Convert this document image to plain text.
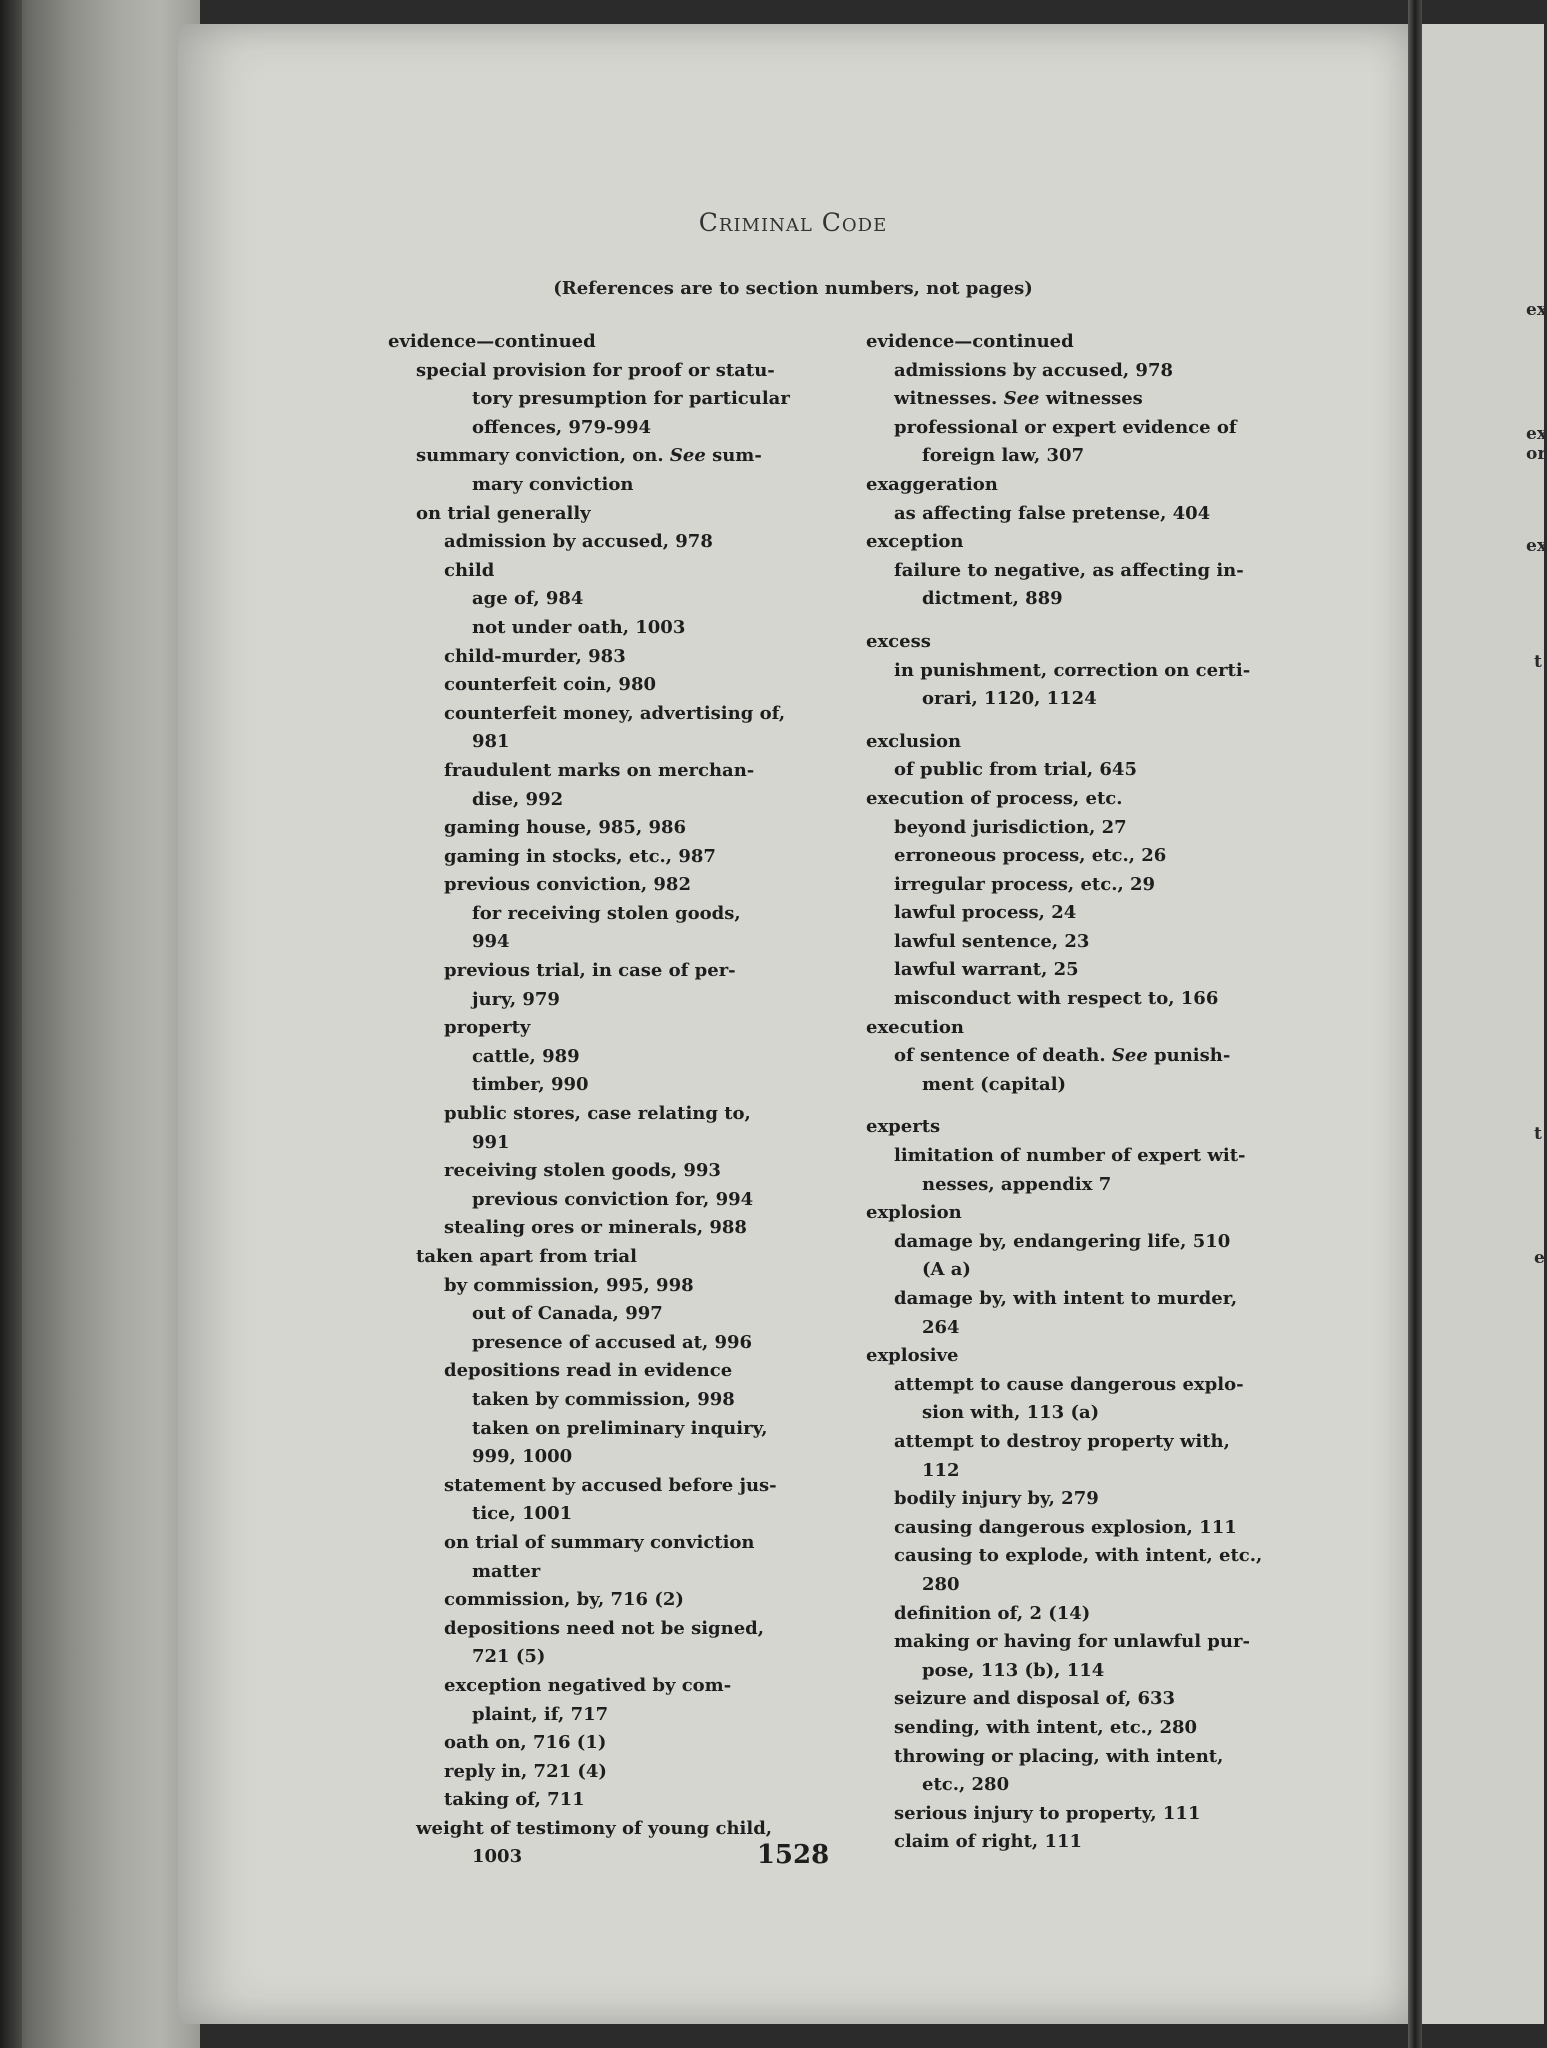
Criminal Code
(References are to section numbers, not pages)
evidence—continued
special provision for proof or statu-
tory presumption for particular
offences, 979-994
summary conviction, on. See sum-
mary conviction
on trial generally
admission by accused, 978
child
age of, 984
not under oath, 1003
child-murder, 983
counterfeit coin, 980
counterfeit money, advertising of,
981
fraudulent marks on merchan-
dise, 992
gaming house, 985, 986
gaming in stocks, etc., 987
previous conviction, 982
for receiving stolen goods,
994
previous trial, in case of per-
jury, 979
property
cattle, 989
timber, 990
public stores, case relating to,
991
receiving stolen goods, 993
previous conviction for, 994
stealing ores or minerals, 988
taken apart from trial
by commission, 995, 998
out of Canada, 997
presence of accused at, 996
depositions read in evidence
taken by commission, 998
taken on preliminary inquiry,
999, 1000
statement by accused before jus-
tice, 1001
on trial of summary conviction
matter
commission, by, 716 (2)
depositions need not be signed,
721 (5)
exception negatived by com-
plaint, if, 717
oath on, 716 (1)
reply in, 721 (4)
taking of, 711
weight of testimony of young child,
1003
evidence—continued
admissions by accused, 978
witnesses. See witnesses
professional or expert evidence of
foreign law, 307
exaggeration
as affecting false pretense, 404
exception
failure to negative, as affecting in-
dictment, 889
excess
in punishment, correction on certi-
orari, 1120, 1124
exclusion
of public from trial, 645
execution of process, etc.
beyond jurisdiction, 27
erroneous process, etc., 26
irregular process, etc., 29
lawful process, 24
lawful sentence, 23
lawful warrant, 25
misconduct with respect to, 166
execution
of sentence of death. See punish-
ment (capital)
experts
limitation of number of expert wit-
nesses, appendix 7
explosion
damage by, endangering life, 510
(A a)
damage by, with intent to murder,
264
explosive
attempt to cause dangerous explo-
sion with, 113 (a)
attempt to destroy property with,
112
bodily injury by, 279
causing dangerous explosion, 111
causing to explode, with intent, etc.,
280
definition of, 2 (14)
making or having for unlawful pur-
pose, 113 (b), 114
seizure and disposal of, 633
sending, with intent, etc., 280
throwing or placing, with intent,
etc., 280
serious injury to property, 111
claim of right, 111
1528
ex
ex
or
ex
t
t
e
